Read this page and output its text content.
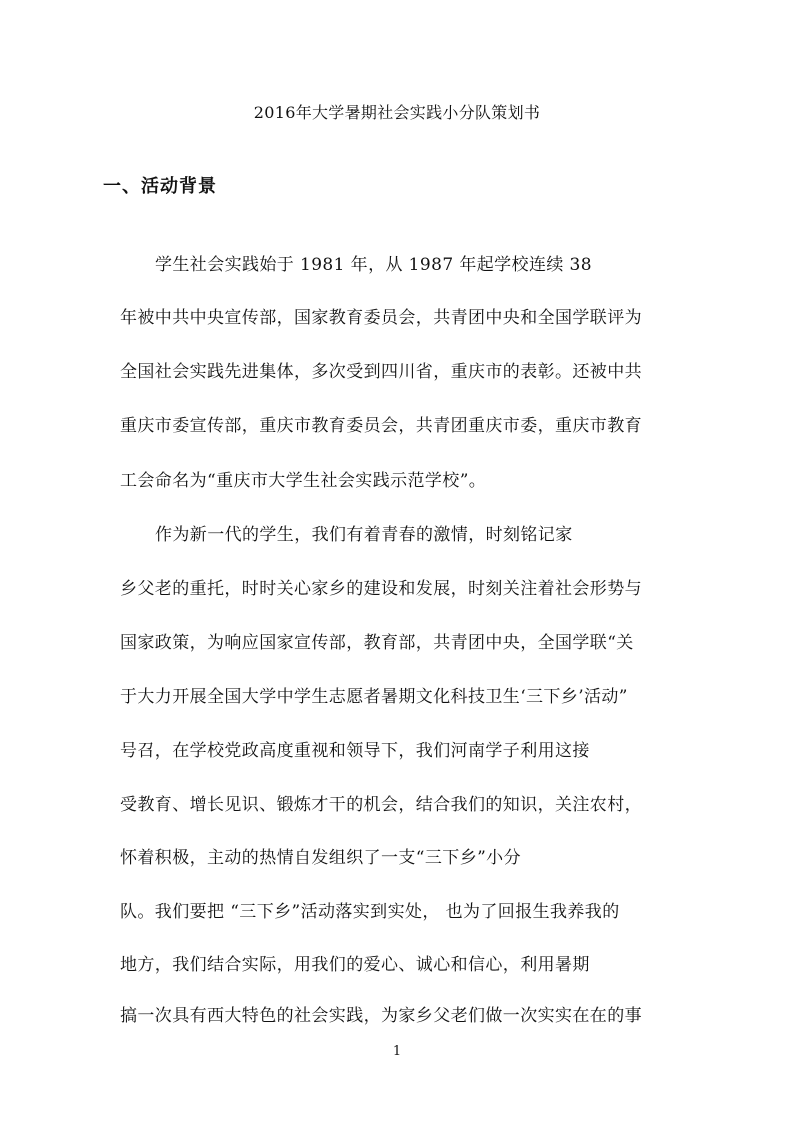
2016年大学暑期社会实践小分队策划书
一、活动背景
学生社会实践始于 1981 年，从 1987 年起学校连续 38
年被中共中央宣传部，国家教育委员会，共青团中央和全国学联评为
全国社会实践先进集体，多次受到四川省，重庆市的表彰。还被中共
重庆市委宣传部，重庆市教育委员会，共青团重庆市委，重庆市教育
工会命名为“重庆市大学生社会实践示范学校”。
作为新一代的学生，我们有着青春的激情，时刻铭记家
乡父老的重托，时时关心家乡的建设和发展，时刻关注着社会形势与
国家政策，为响应国家宣传部，教育部，共青团中央，全国学联“关
于大力开展全国大学中学生志愿者暑期文化科技卫生‘三下乡’活动”
号召，在学校党政高度重视和领导下，我们河南学子利用这接
受教育、增长见识、锻炼才干的机会，结合我们的知识，关注农村，
怀着积极，主动的热情自发组织了一支“三下乡”小分
队。我们要把 “三下乡”活动落实到实处， 也为了回报生我养我的
地方，我们结合实际，用我们的爱心、诚心和信心，利用暑期
搞一次具有西大特色的社会实践，为家乡父老们做一次实实在在的事
1
